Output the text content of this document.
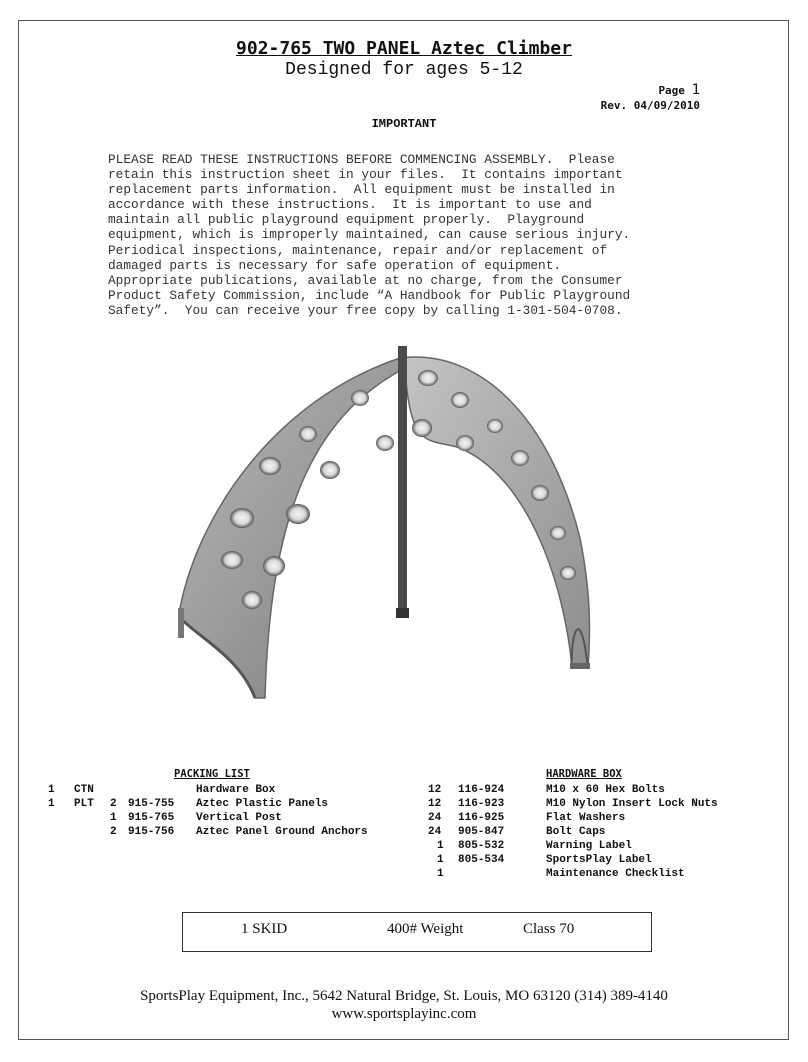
902-765 TWO PANEL Aztec Climber

Designed for ages 5-12

Page 1

Rev. 04/09/2010

IMPORTANT

PLEASE READ THESE INSTRUCTIONS BEFORE COMMENCING ASSEMBLY.  Please
retain this instruction sheet in your files.  It contains important
replacement parts information.  All equipment must be installed in
accordance with these instructions.  It is important to use and
maintain all public playground equipment properly.  Playground
equipment, which is improperly maintained, can cause serious injury.
Periodical inspections, maintenance, repair and/or replacement of
damaged parts is necessary for safe operation of equipment.
Appropriate publications, available at no charge, from the Consumer
Product Safety Commission, include “A Handbook for Public Playground
Safety”.  You can receive your free copy by calling 1-301-504-0708.

PACKING LIST	HARDWARE BOX

1 CTN	Hardware Box
1 PLT 2 915-755 Aztec Plastic Panels
1 915-765 Vertical Post
2 915-756 Aztec Panel Ground Anchors
12 116-924	M10 x 60 Hex Bolts
12 116-923	M10 Nylon Insert Lock Nuts
24 116-925	Flat Washers
24 905-847	Bolt Caps
1 805-532	Warning Label
1 805-534	SportsPlay Label
1	Maintenance Checklist
1 SKID	400# Weight	Class 70

SportsPlay Equipment, Inc., 5642 Natural Bridge, St. Louis, MO 63120 (314) 389-4140

www.sportsplayinc.com
